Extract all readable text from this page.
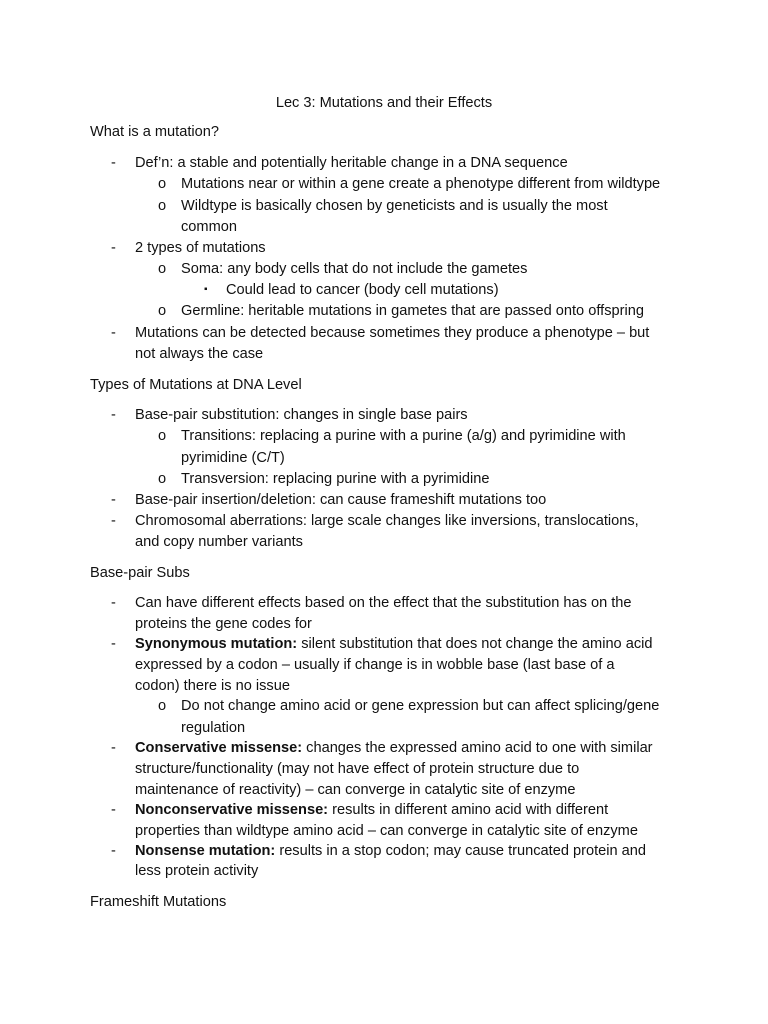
Lec 3: Mutations and their Effects
What is a mutation?
- Def’n: a stable and potentially heritable change in a DNA sequence
o Mutations near or within a gene create a phenotype different from wildtype
o Wildtype is basically chosen by geneticists and is usually the most
common
- 2 types of mutations
o Soma: any body cells that do not include the gametes
▪ Could lead to cancer (body cell mutations)
o Germline: heritable mutations in gametes that are passed onto offspring
- Mutations can be detected because sometimes they produce a phenotype – but
not always the case
Types of Mutations at DNA Level
- Base-pair substitution: changes in single base pairs
o Transitions: replacing a purine with a purine (a/g) and pyrimidine with
pyrimidine (C/T)
o Transversion: replacing purine with a pyrimidine
- Base-pair insertion/deletion: can cause frameshift mutations too
- Chromosomal aberrations: large scale changes like inversions, translocations,
and copy number variants
Base-pair Subs
- Can have different effects based on the effect that the substitution has on the
proteins the gene codes for
- Synonymous mutation: silent substitution that does not change the amino acid
expressed by a codon – usually if change is in wobble base (last base of a
codon) there is no issue
o Do not change amino acid or gene expression but can affect splicing/gene
regulation
- Conservative missense: changes the expressed amino acid to one with similar
structure/functionality (may not have effect of protein structure due to
maintenance of reactivity) – can converge in catalytic site of enzyme
- Nonconservative missense: results in different amino acid with different
properties than wildtype amino acid – can converge in catalytic site of enzyme
- Nonsense mutation: results in a stop codon; may cause truncated protein and
less protein activity
Frameshift Mutations
